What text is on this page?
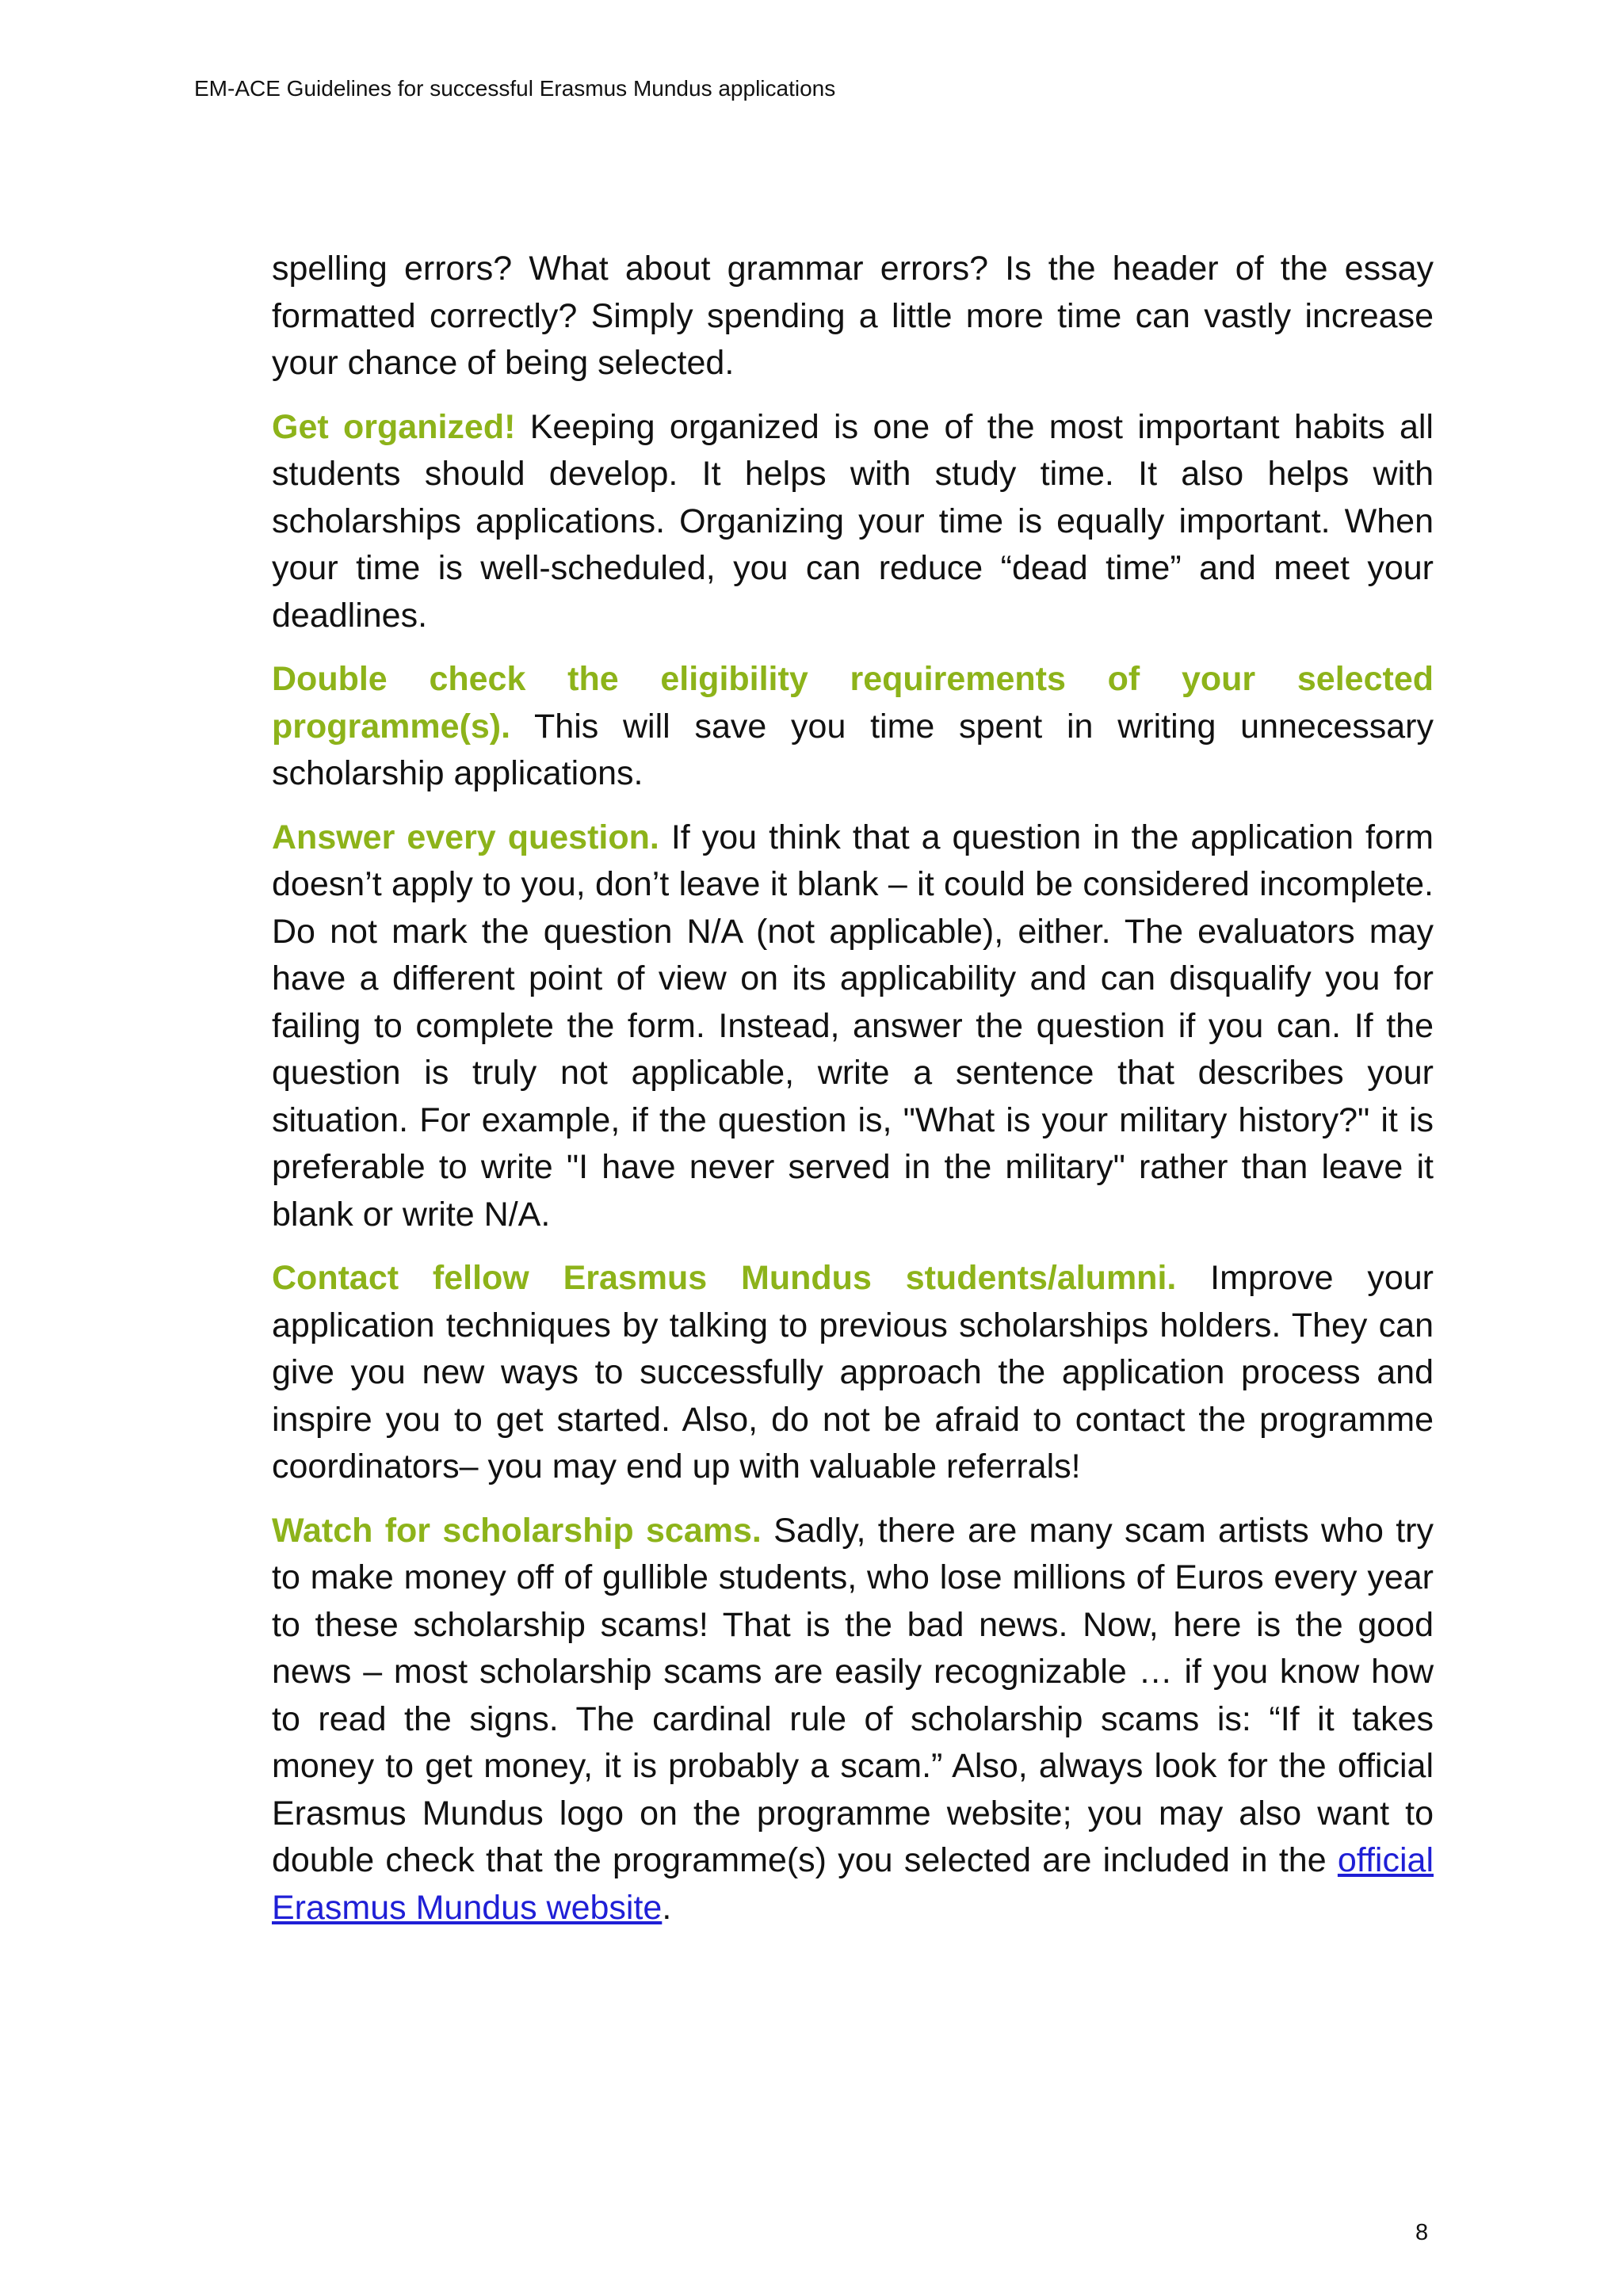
EM-ACE Guidelines for successful Erasmus Mundus applications

spelling errors? What about grammar errors? Is the header of the essay formatted correctly? Simply spending a little more time can vastly increase your chance of being selected.

Get organized! Keeping organized is one of the most important habits all students should develop. It helps with study time. It also helps with scholarships applications. Organizing your time is equally important. When your time is well-scheduled, you can reduce “dead time” and meet your deadlines.

Double check the eligibility requirements of your selected programme(s). This will save you time spent in writing unnecessary scholarship applications.

Answer every question. If you think that a question in the application form doesn’t apply to you, don’t leave it blank – it could be considered incomplete. Do not mark the question N/A (not applicable), either. The evaluators may have a different point of view on its applicability and can disqualify you for failing to complete the form. Instead, answer the question if you can. If the question is truly not applicable, write a sentence that describes your situation. For example, if the question is, "What is your military history?" it is preferable to write "I have never served in the military" rather than leave it blank or write N/A.

Contact fellow Erasmus Mundus students/alumni. Improve your application techniques by talking to previous scholarships holders. They can give you new ways to successfully approach the application process and inspire you to get started. Also, do not be afraid to contact the programme coordinators– you may end up with valuable referrals!

Watch for scholarship scams. Sadly, there are many scam artists who try to make money off of gullible students, who lose millions of Euros every year to these scholarship scams! That is the bad news. Now, here is the good news – most scholarship scams are easily recognizable … if you know how to read the signs. The cardinal rule of scholarship scams is: “If it takes money to get money, it is probably a scam.” Also, always look for the official Erasmus Mundus logo on the programme website; you may also want to double check that the programme(s) you selected are included in the official Erasmus Mundus website.

8
